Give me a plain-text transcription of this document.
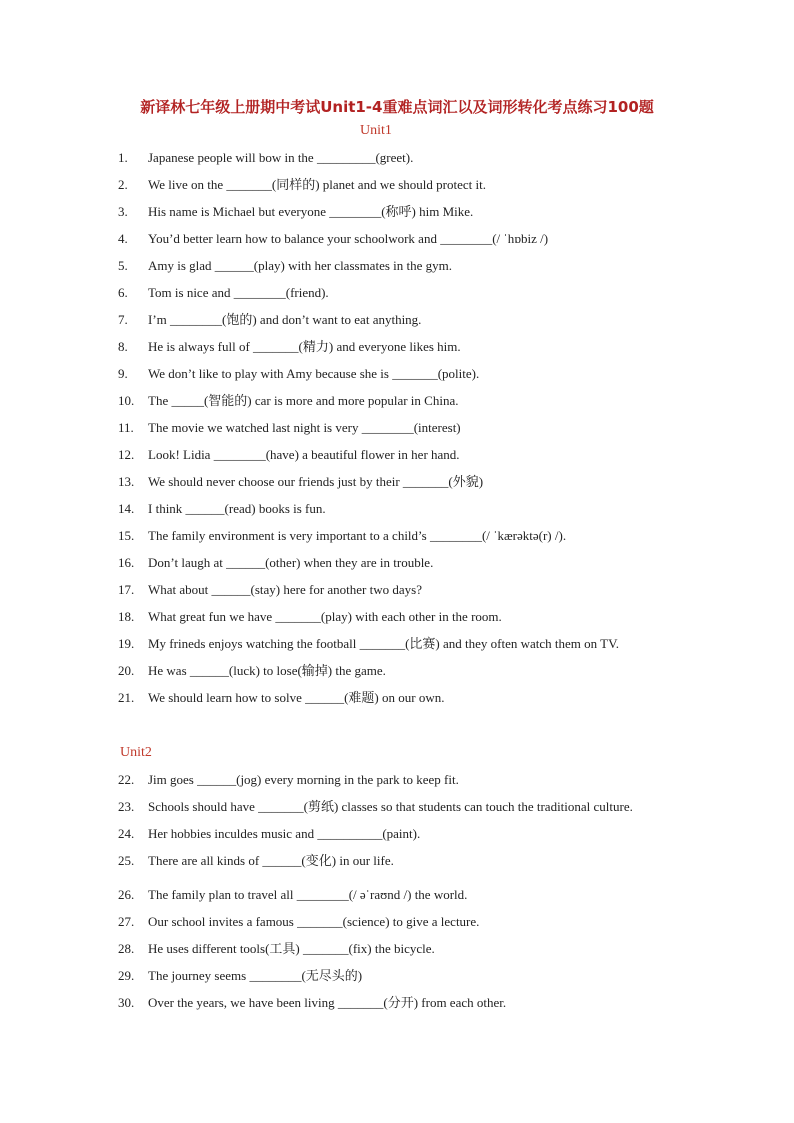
新译林七年级上册期中考试Unit1-4重难点词汇以及词形转化考点练习100题
Unit1
1.	Japanese people will bow in the _________(greet).
2.	We live on the _______(同样的) planet and we should protect it.
3.	His name is Michael but everyone ________(称呼) him Mike.
4.	You’d better learn how to balance your schoolwork and ________(/ ˈhɒbiz /)
5.	Amy is glad ______(play) with her classmates in the gym.
6.	Tom is nice and ________(friend).
7.	I’m ________(饱的) and don’t want to eat anything.
8.	He is always full of _______(精力) and everyone likes him.
9.	We don’t like to play with Amy because she is _______(polite).
10.	The _____(智能的) car is more and more popular in China.
11.	The movie we watched last night is very ________(interest)
12.	Look! Lidia ________(have) a beautiful flower in her hand.
13.	We should never choose our friends just by their _______(外貌)
14.	I think ______(read) books is fun.
15.	The family environment is very important to a child’s ________(/ ˈkærəktə(r) /).
16.	Don’t laugh at ______(other) when they are in trouble.
17.	What about ______(stay) here for another two days?
18.	What great fun we have _______(play) with each other in the room.
19.	My frineds enjoys watching the football _______(比赛) and they often watch them on TV.
20.	He was ______(luck) to lose(输掉) the game.
21.	We should learn how to solve ______(难题) on our own.
Unit2
22.	Jim goes ______(jog) every morning in the park to keep fit.
23.	Schools should have _______(剪纸) classes so that students can touch the traditional culture.
24.	Her hobbies inculdes music and __________(paint).
25.	There are all kinds of ______(变化) in our life.
26.	The family plan to travel all ________(/ əˈraʊnd /) the world.
27.	Our school invites a famous _______(science) to give a lecture.
28.	He uses different tools(工具) _______(fix) the bicycle.
29.	The journey seems ________(无尽头的)
30.	Over the years, we have been living _______(分开) from each other.
